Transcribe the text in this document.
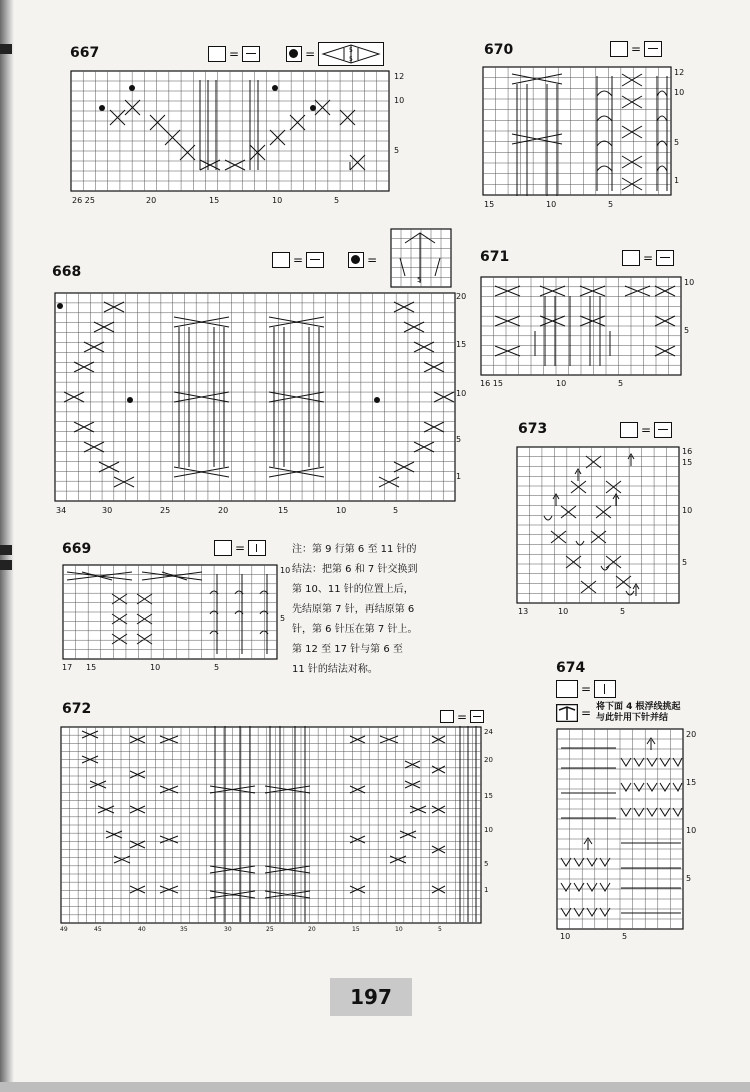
667	=	=	5
5
12
10
5
26 25	20	15	10	5
668
=	=
5
20
15
10
5
1
34	30	25	20	15	10	5
669	=
10
5
17 15	10	5
注：第 9 行第 6 至 11 针的结法：把第 6 和 7 针交换到第 10、11 针的位置上后，先结原第 7 针，再结原第 6 针，第 6 针压在第 7 针上。第 12 至 17 针与第 6 至 11 针的结法对称。
670	=
12
10
5
1
15	10	5
671	=
10
5
16 15	10	5
673	=
16
15
10
5
13	10	5
674
=
= 将下面 4 根浮线挑起
与此针用下针并结
20
15
10
5
10	5
672	=
24
20
15
10
5
1
49	45	40	35	30	25	20	15	10	5
197
